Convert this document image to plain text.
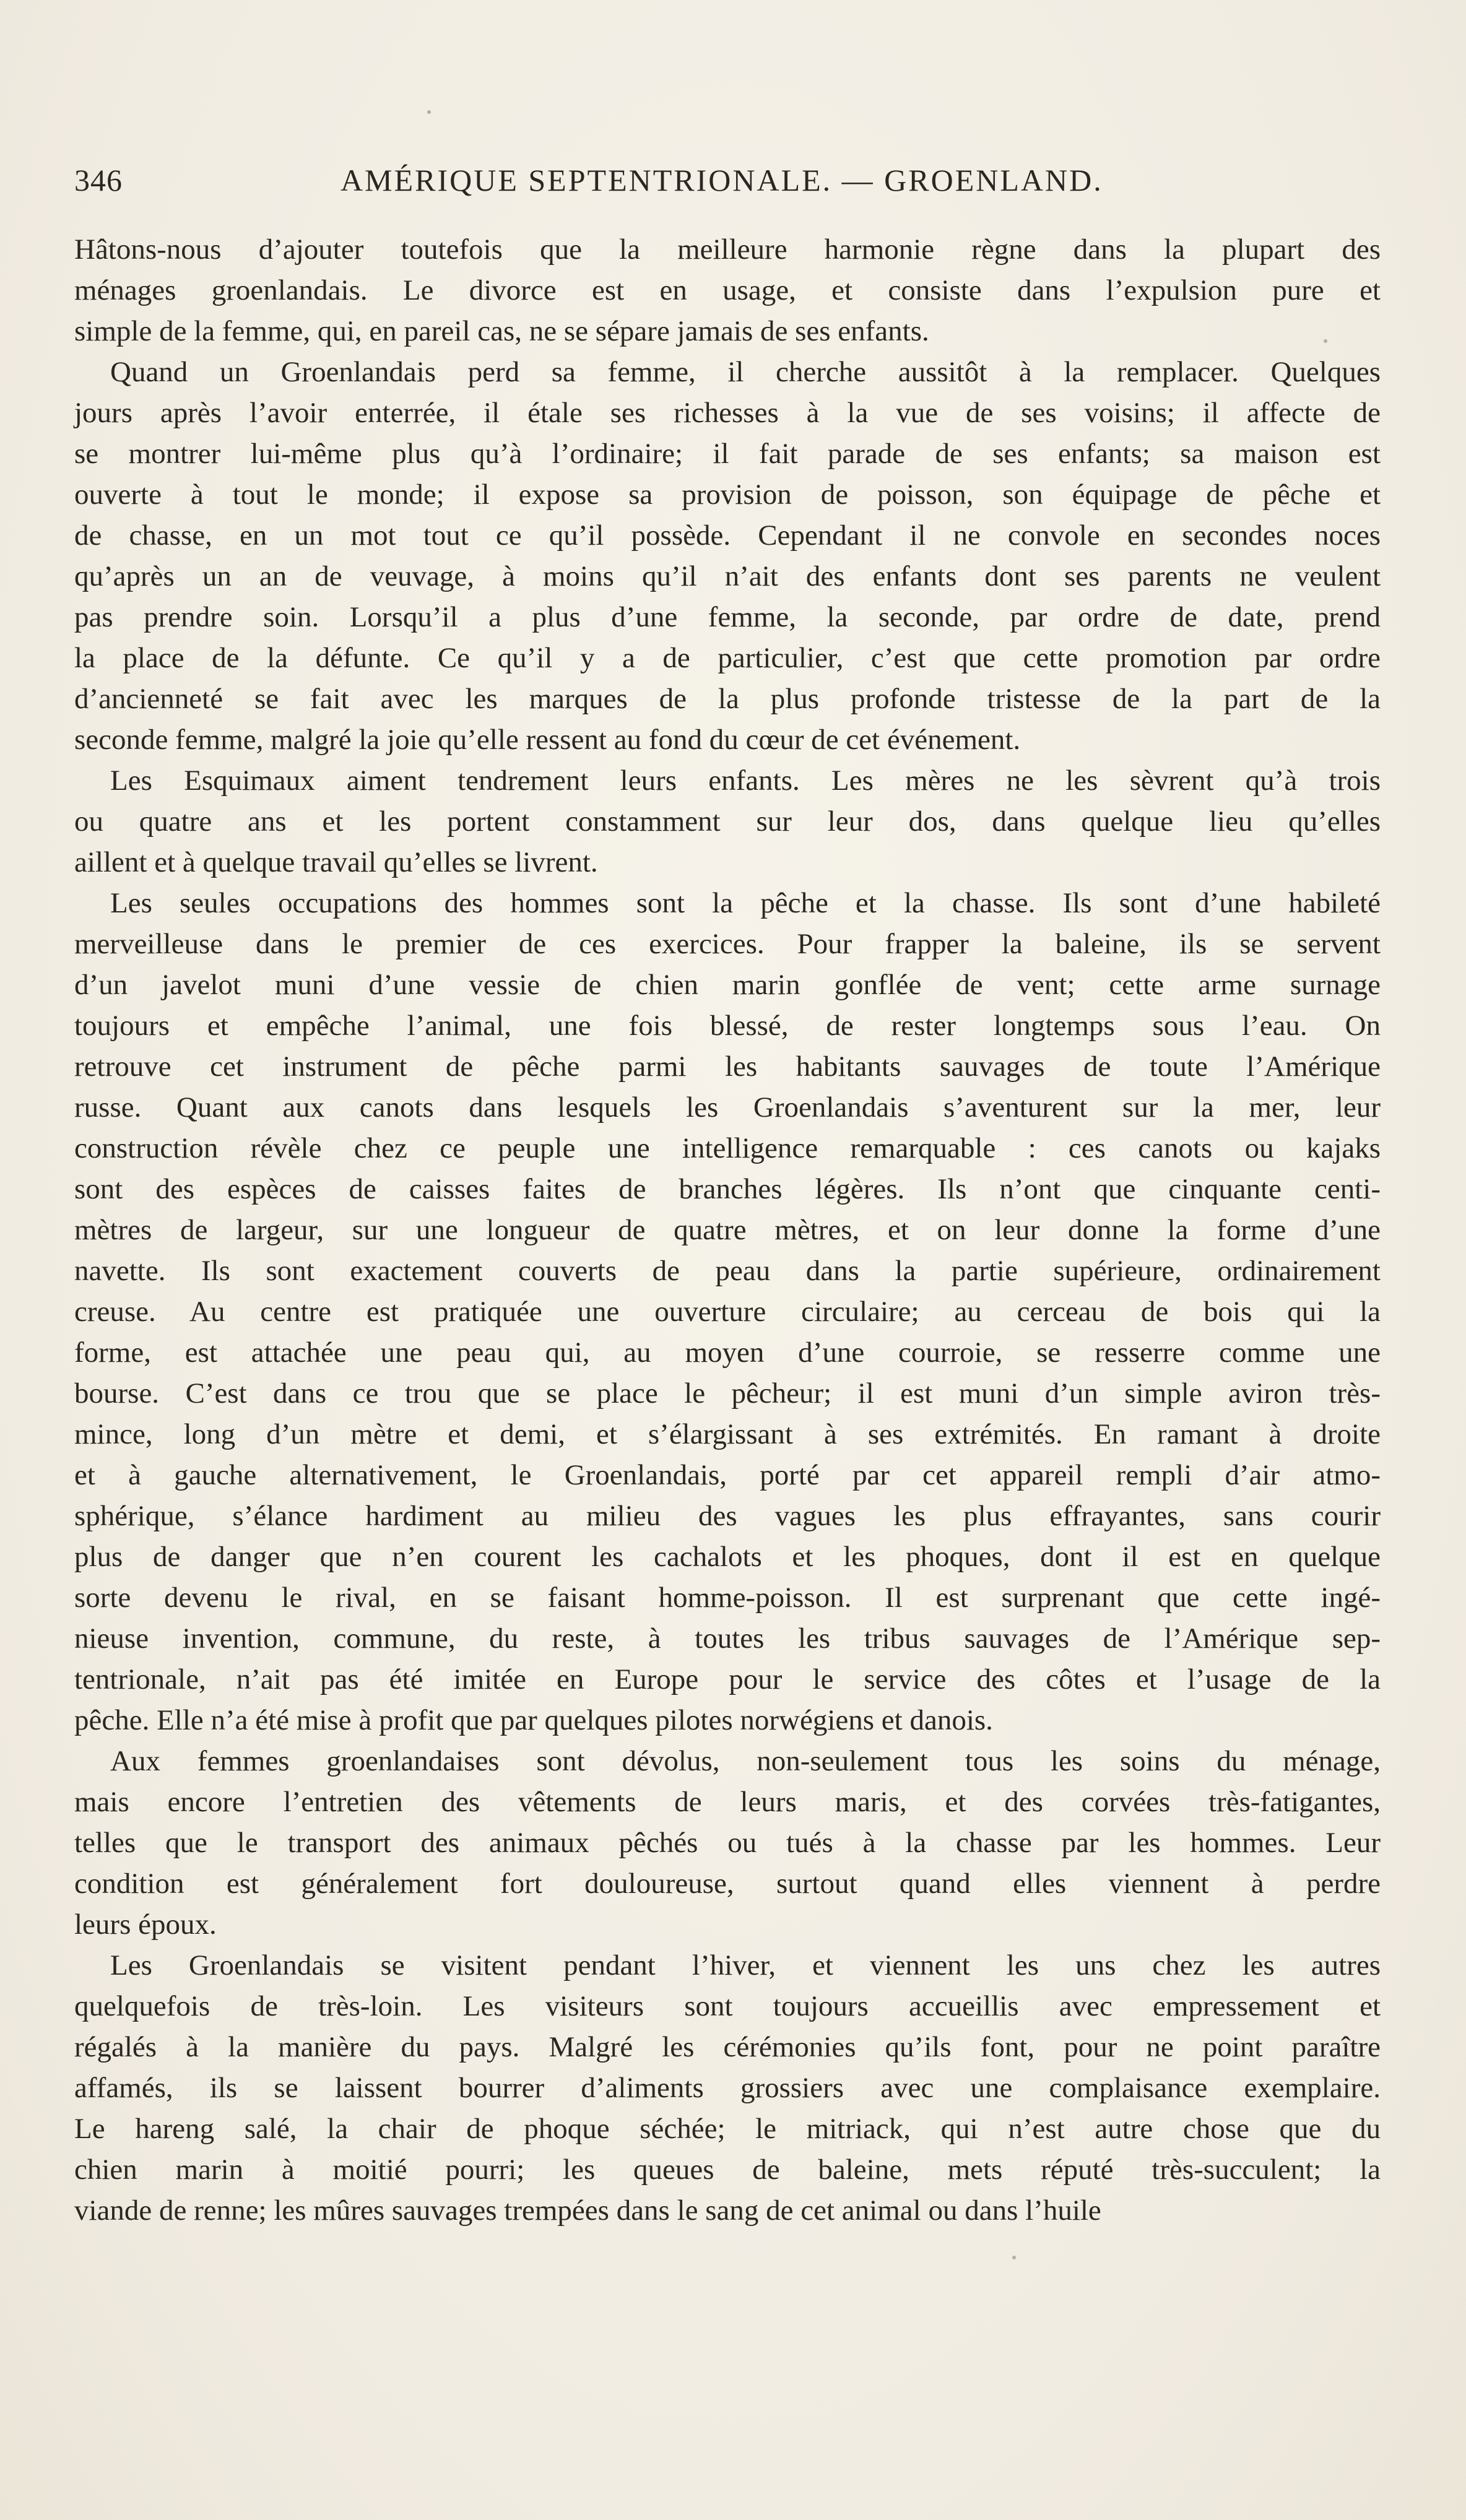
346	AMÉRIQUE SEPTENTRIONALE. — GROENLAND.
Hâtons-nous d’ajouter toutefois que la meilleure harmonie règne dans la plupart des
ménages groenlandais. Le divorce est en usage, et consiste dans l’expulsion pure et
simple de la femme, qui, en pareil cas, ne se sépare jamais de ses enfants.
Quand un Groenlandais perd sa femme, il cherche aussitôt à la remplacer. Quelques
jours après l’avoir enterrée, il étale ses richesses à la vue de ses voisins; il affecte de
se montrer lui-même plus qu’à l’ordinaire; il fait parade de ses enfants; sa maison est
ouverte à tout le monde; il expose sa provision de poisson, son équipage de pêche et
de chasse, en un mot tout ce qu’il possède. Cependant il ne convole en secondes noces
qu’après un an de veuvage, à moins qu’il n’ait des enfants dont ses parents ne veulent
pas prendre soin. Lorsqu’il a plus d’une femme, la seconde, par ordre de date, prend
la place de la défunte. Ce qu’il y a de particulier, c’est que cette promotion par ordre
d’ancienneté se fait avec les marques de la plus profonde tristesse de la part de la
seconde femme, malgré la joie qu’elle ressent au fond du cœur de cet événement.
Les Esquimaux aiment tendrement leurs enfants. Les mères ne les sèvrent qu’à trois
ou quatre ans et les portent constamment sur leur dos, dans quelque lieu qu’elles
aillent et à quelque travail qu’elles se livrent.
Les seules occupations des hommes sont la pêche et la chasse. Ils sont d’une habileté
merveilleuse dans le premier de ces exercices. Pour frapper la baleine, ils se servent
d’un javelot muni d’une vessie de chien marin gonflée de vent; cette arme surnage
toujours et empêche l’animal, une fois blessé, de rester longtemps sous l’eau. On
retrouve cet instrument de pêche parmi les habitants sauvages de toute l’Amérique
russe. Quant aux canots dans lesquels les Groenlandais s’aventurent sur la mer, leur
construction révèle chez ce peuple une intelligence remarquable : ces canots ou kajaks
sont des espèces de caisses faites de branches légères. Ils n’ont que cinquante centi-
mètres de largeur, sur une longueur de quatre mètres, et on leur donne la forme d’une
navette. Ils sont exactement couverts de peau dans la partie supérieure, ordinairement
creuse. Au centre est pratiquée une ouverture circulaire; au cerceau de bois qui la
forme, est attachée une peau qui, au moyen d’une courroie, se resserre comme une
bourse. C’est dans ce trou que se place le pêcheur; il est muni d’un simple aviron très-
mince, long d’un mètre et demi, et s’élargissant à ses extrémités. En ramant à droite
et à gauche alternativement, le Groenlandais, porté par cet appareil rempli d’air atmo-
sphérique, s’élance hardiment au milieu des vagues les plus effrayantes, sans courir
plus de danger que n’en courent les cachalots et les phoques, dont il est en quelque
sorte devenu le rival, en se faisant homme-poisson. Il est surprenant que cette ingé-
nieuse invention, commune, du reste, à toutes les tribus sauvages de l’Amérique sep-
tentrionale, n’ait pas été imitée en Europe pour le service des côtes et l’usage de la
pêche. Elle n’a été mise à profit que par quelques pilotes norwégiens et danois.
Aux femmes groenlandaises sont dévolus, non-seulement tous les soins du ménage,
mais encore l’entretien des vêtements de leurs maris, et des corvées très-fatigantes,
telles que le transport des animaux pêchés ou tués à la chasse par les hommes. Leur
condition est généralement fort douloureuse, surtout quand elles viennent à perdre
leurs époux.
Les Groenlandais se visitent pendant l’hiver, et viennent les uns chez les autres
quelquefois de très-loin. Les visiteurs sont toujours accueillis avec empressement et
régalés à la manière du pays. Malgré les cérémonies qu’ils font, pour ne point paraître
affamés, ils se laissent bourrer d’aliments grossiers avec une complaisance exemplaire.
Le hareng salé, la chair de phoque séchée; le mitriack, qui n’est autre chose que du
chien marin à moitié pourri; les queues de baleine, mets réputé très-succulent; la
viande de renne; les mûres sauvages trempées dans le sang de cet animal ou dans l’huile
